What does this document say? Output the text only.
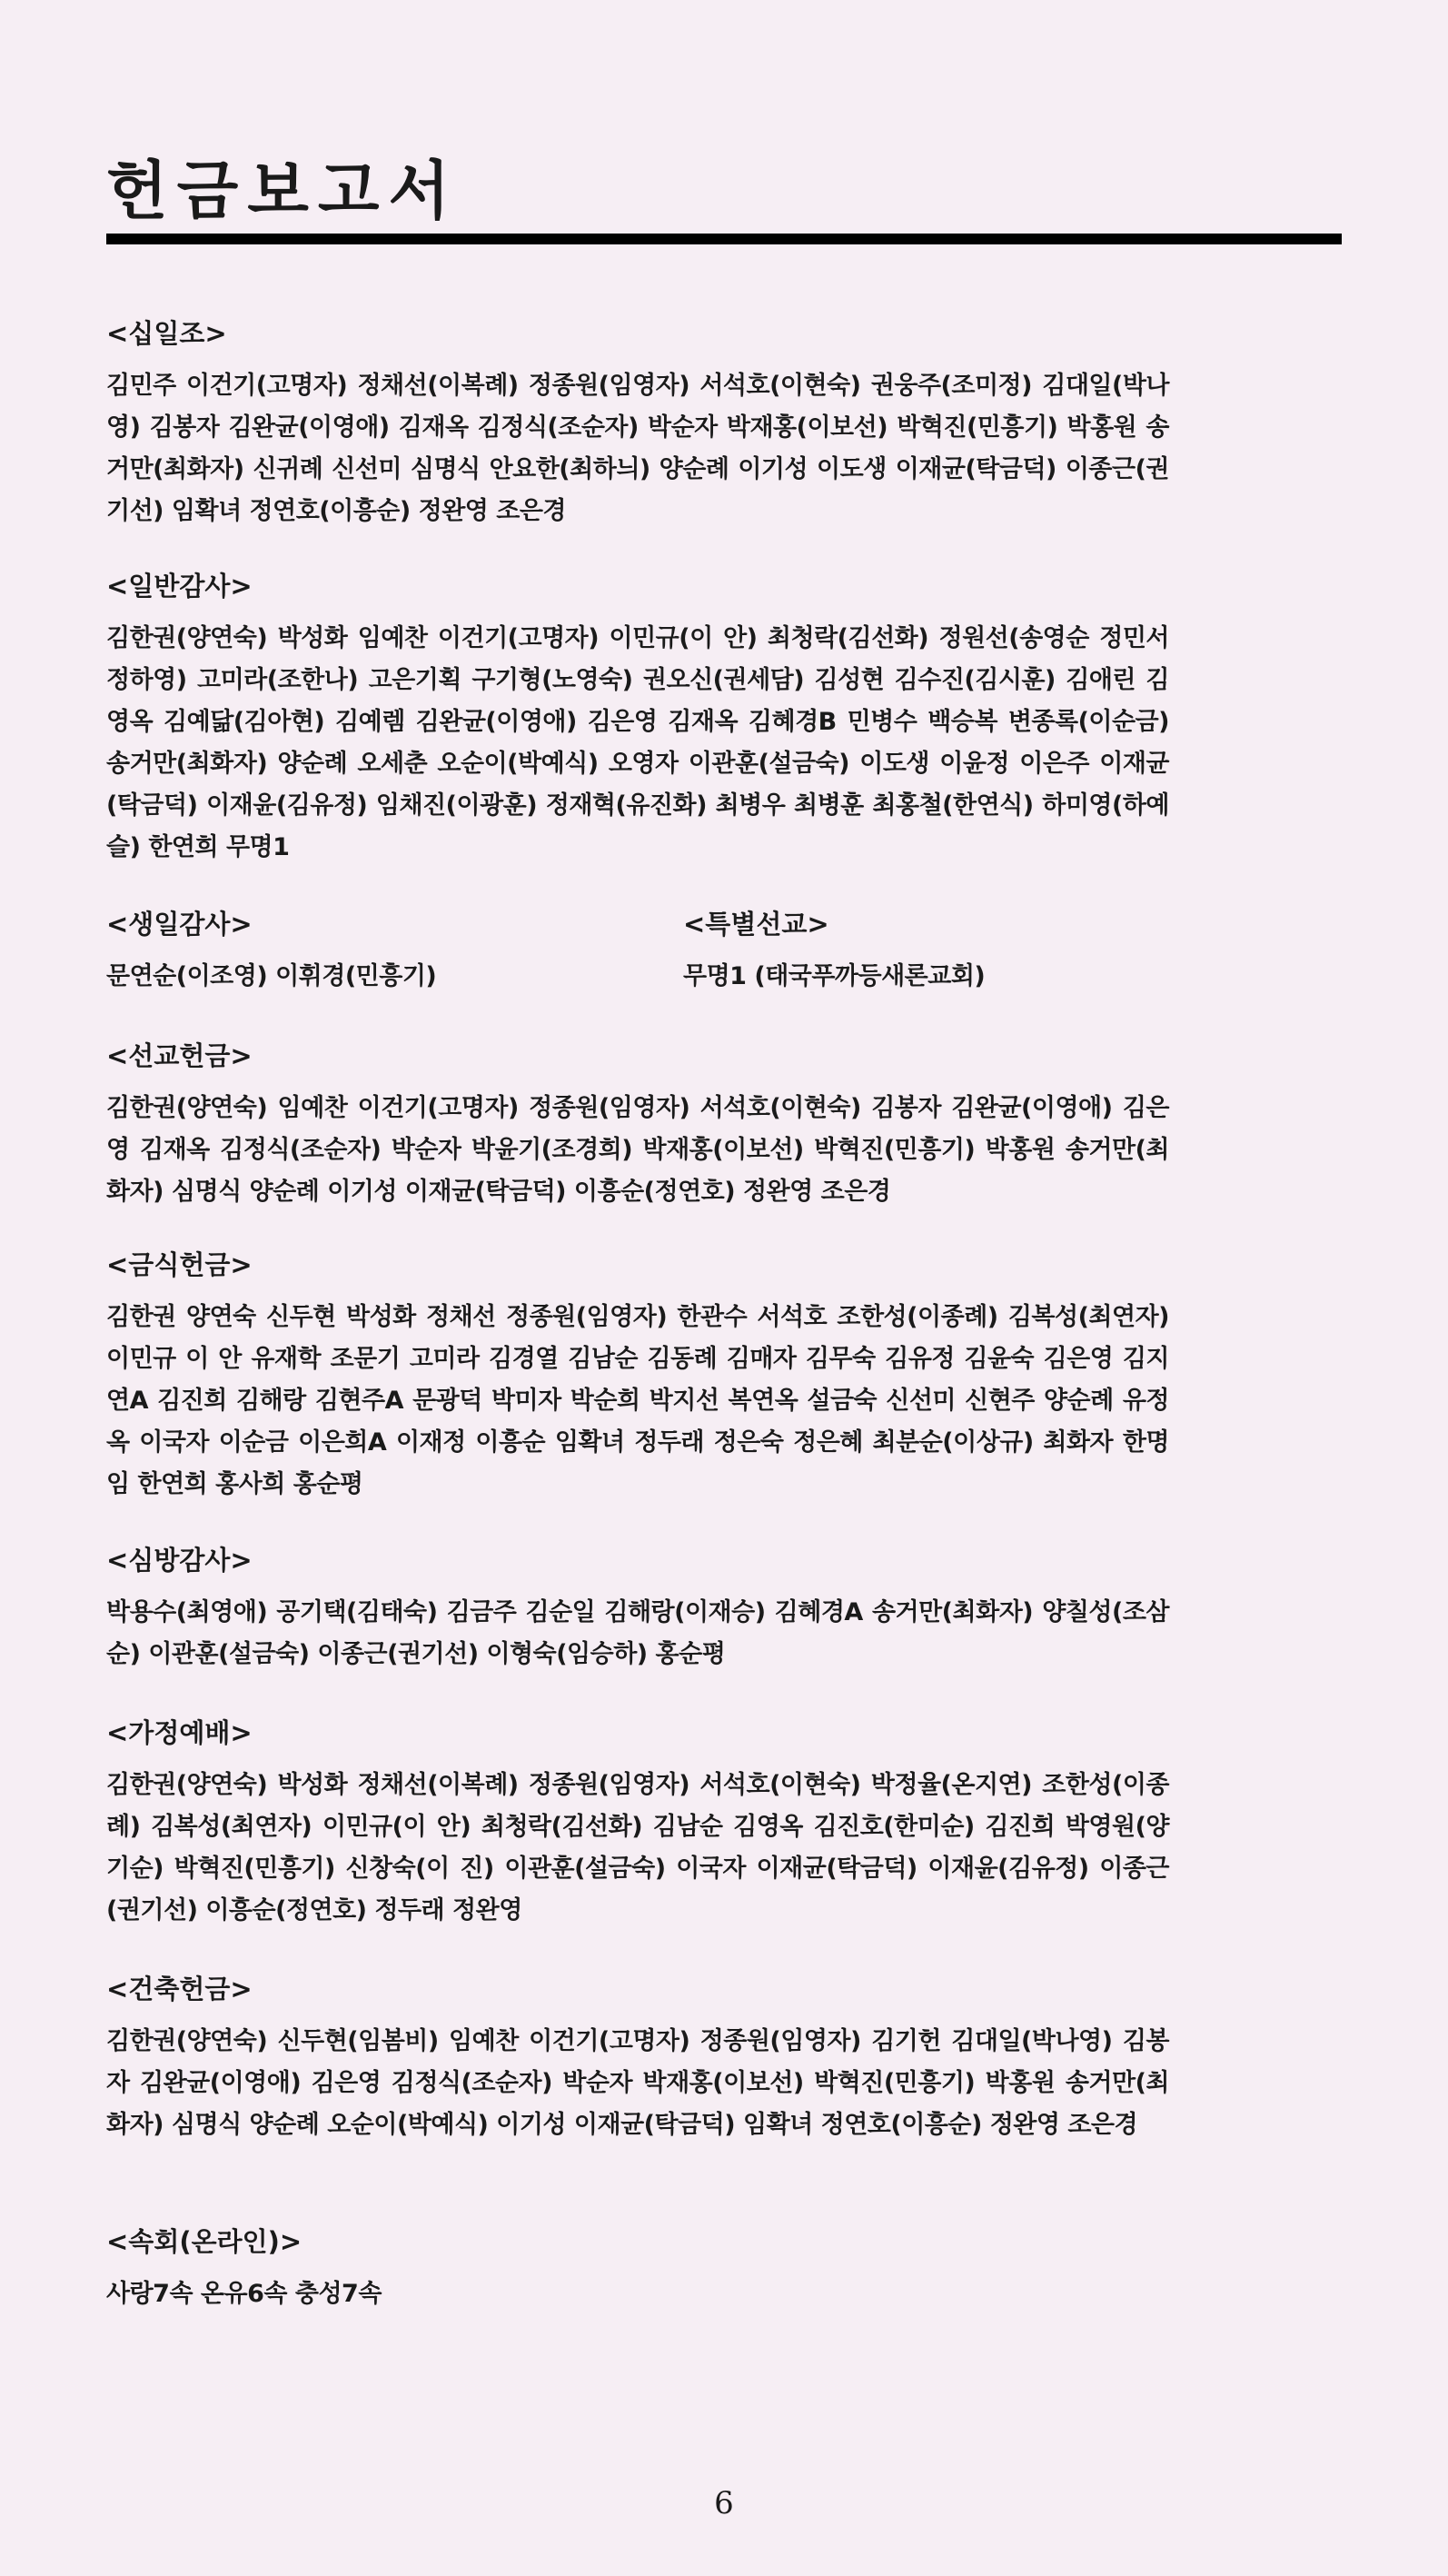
헌금보고서

<십일조>

김민주 이건기(고명자) 정채선(이복례) 정종원(임영자) 서석호(이현숙) 권웅주(조미정) 김대일(박나영) 김봉자 김완균(이영애) 김재옥 김정식(조순자) 박순자 박재홍(이보선) 박혁진(민흥기) 박홍원 송거만(최화자) 신귀례 신선미 심명식 안요한(최하늬) 양순례 이기성 이도생 이재균(탁금덕) 이종근(권기선) 임확녀 정연호(이흥순) 정완영 조은경

<일반감사>

김한권(양연숙) 박성화 임예찬 이건기(고명자) 이민규(이 안) 최청락(김선화) 정원선(송영순 정민서 정하영) 고미라(조한나) 고은기획 구기형(노영숙) 권오신(권세담) 김성현 김수진(김시훈) 김애린 김영옥 김예닮(김아현) 김예렘 김완균(이영애) 김은영 김재옥 김혜경B 민병수 백승복 변종록(이순금) 송거만(최화자) 양순례 오세춘 오순이(박예식) 오영자 이관훈(설금숙) 이도생 이윤정 이은주 이재균(탁금덕) 이재윤(김유정) 임채진(이광훈) 정재혁(유진화) 최병우 최병훈 최홍철(한연식) 하미영(하예슬) 한연희 무명1

<생일감사>

문연순(이조영) 이휘경(민흥기)

<특별선교>

무명1 (태국푸까등새론교회)

<선교헌금>

김한권(양연숙) 임예찬 이건기(고명자) 정종원(임영자) 서석호(이현숙) 김봉자 김완균(이영애) 김은영 김재옥 김정식(조순자) 박순자 박윤기(조경희) 박재홍(이보선) 박혁진(민흥기) 박홍원 송거만(최화자) 심명식 양순례 이기성 이재균(탁금덕) 이흥순(정연호) 정완영 조은경

<금식헌금>

김한권 양연숙 신두현 박성화 정채선 정종원(임영자) 한관수 서석호 조한성(이종례) 김복성(최연자) 이민규 이 안 유재학 조문기 고미라 김경열 김남순 김동례 김매자 김무숙 김유정 김윤숙 김은영 김지연A 김진희 김해랑 김현주A 문광덕 박미자 박순희 박지선 복연옥 설금숙 신선미 신현주 양순례 유정옥 이국자 이순금 이은희A 이재정 이흥순 임확녀 정두래 정은숙 정은혜 최분순(이상규) 최화자 한명임 한연희 홍사희 홍순평

<심방감사>

박용수(최영애) 공기택(김태숙) 김금주 김순일 김해랑(이재승) 김혜경A 송거만(최화자) 양칠성(조삼순) 이관훈(설금숙) 이종근(권기선) 이형숙(임승하) 홍순평

<가정예배>

김한권(양연숙) 박성화 정채선(이복례) 정종원(임영자) 서석호(이현숙) 박정율(온지연) 조한성(이종례) 김복성(최연자) 이민규(이 안) 최청락(김선화) 김남순 김영옥 김진호(한미순) 김진희 박영원(양기순) 박혁진(민흥기) 신창숙(이 진) 이관훈(설금숙) 이국자 이재균(탁금덕) 이재윤(김유정) 이종근(권기선) 이흥순(정연호) 정두래 정완영

<건축헌금>

김한권(양연숙) 신두현(임봄비) 임예찬 이건기(고명자) 정종원(임영자) 김기헌 김대일(박나영) 김봉자 김완균(이영애) 김은영 김정식(조순자) 박순자 박재홍(이보선) 박혁진(민흥기) 박홍원 송거만(최화자) 심명식 양순례 오순이(박예식) 이기성 이재균(탁금덕) 임확녀 정연호(이흥순) 정완영 조은경

<속회(온라인)>

사랑7속 온유6속 충성7속

6
